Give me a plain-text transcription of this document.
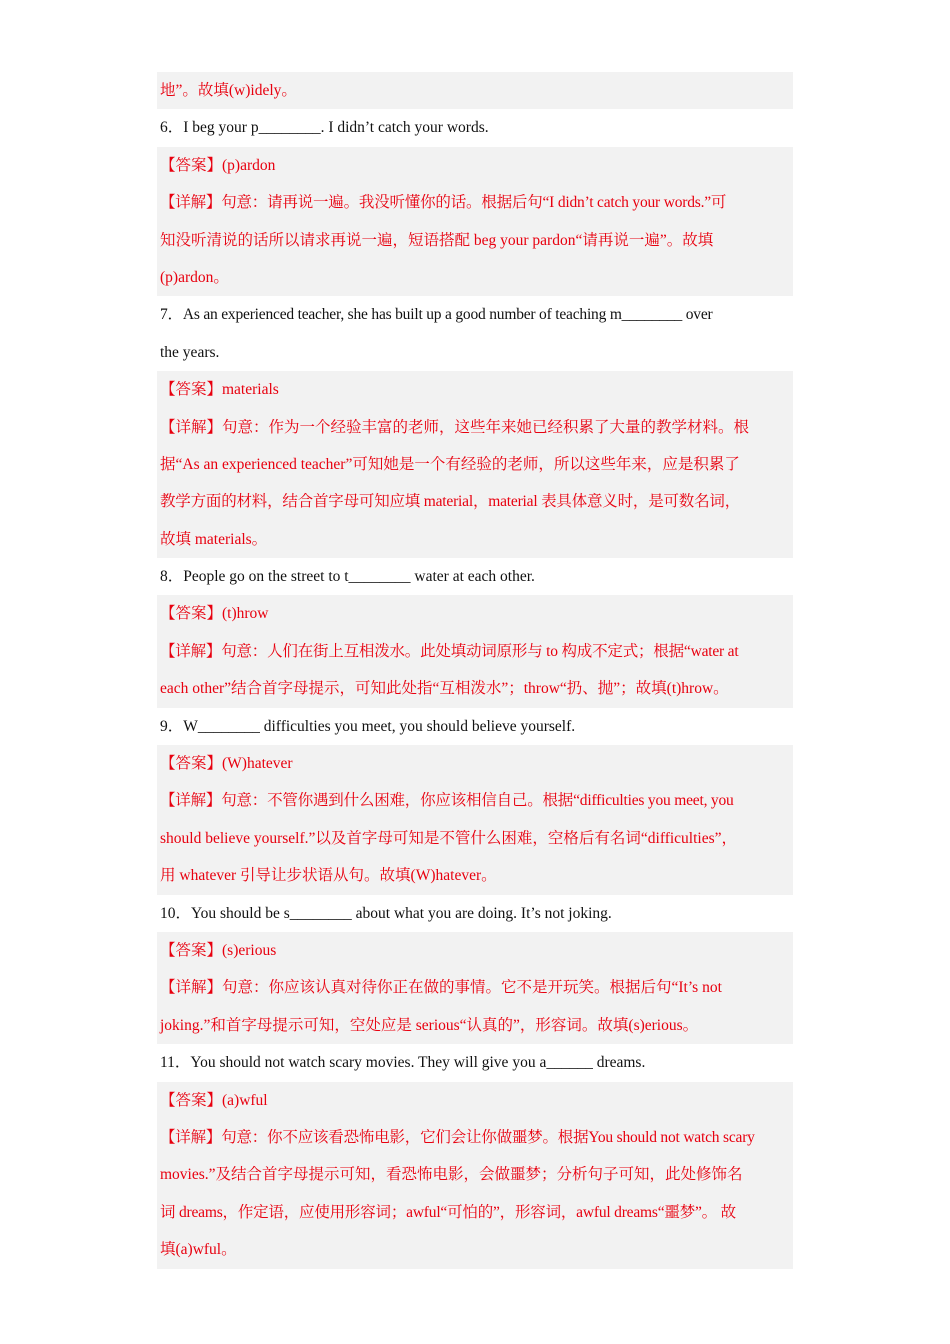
地”。故填(w)idely。
6．I beg your p________. I didn’t catch your words.
【答案】(p)ardon
【详解】句意：请再说一遍。我没听懂你的话。根据后句“I didn’t catch your words.”可
知没听清说的话所以请求再说一遍，短语搭配 beg your pardon“请再说一遍”。故填
(p)ardon。
7．As an experienced teacher, she has built up a good number of teaching m________ over
the years.
【答案】materials
【详解】句意：作为一个经验丰富的老师，这些年来她已经积累了大量的教学材料。根
据“As an experienced teacher”可知她是一个有经验的老师，所以这些年来，应是积累了
教学方面的材料，结合首字母可知应填 material，material 表具体意义时，是可数名词，
故填 materials。
8．People go on the street to t________ water at each other.
【答案】(t)hrow
【详解】句意：人们在街上互相泼水。此处填动词原形与 to 构成不定式；根据“water at
each other”结合首字母提示，可知此处指“互相泼水”；throw“扔、抛”；故填(t)hrow。
9．W________ difficulties you meet, you should believe yourself.
【答案】(W)hatever
【详解】句意：不管你遇到什么困难，你应该相信自己。根据“difficulties you meet, you
should believe yourself.”以及首字母可知是不管什么困难，空格后有名词“difficulties”，
用 whatever 引导让步状语从句。故填(W)hatever。
10．You should be s________ about what you are doing. It’s not joking.
【答案】(s)erious
【详解】句意：你应该认真对待你正在做的事情。它不是开玩笑。根据后句“It’s not
joking.”和首字母提示可知，空处应是 serious“认真的”，形容词。故填(s)erious。
11．You should not watch scary movies. They will give you a______ dreams.
【答案】(a)wful
【详解】句意：你不应该看恐怖电影，它们会让你做噩梦。根据You should not watch scary
movies.”及结合首字母提示可知，看恐怖电影，会做噩梦；分析句子可知，此处修饰名
词 dreams，作定语，应使用形容词；awful“可怕的”，形容词，awful dreams“噩梦”。 故
填(a)wful。
